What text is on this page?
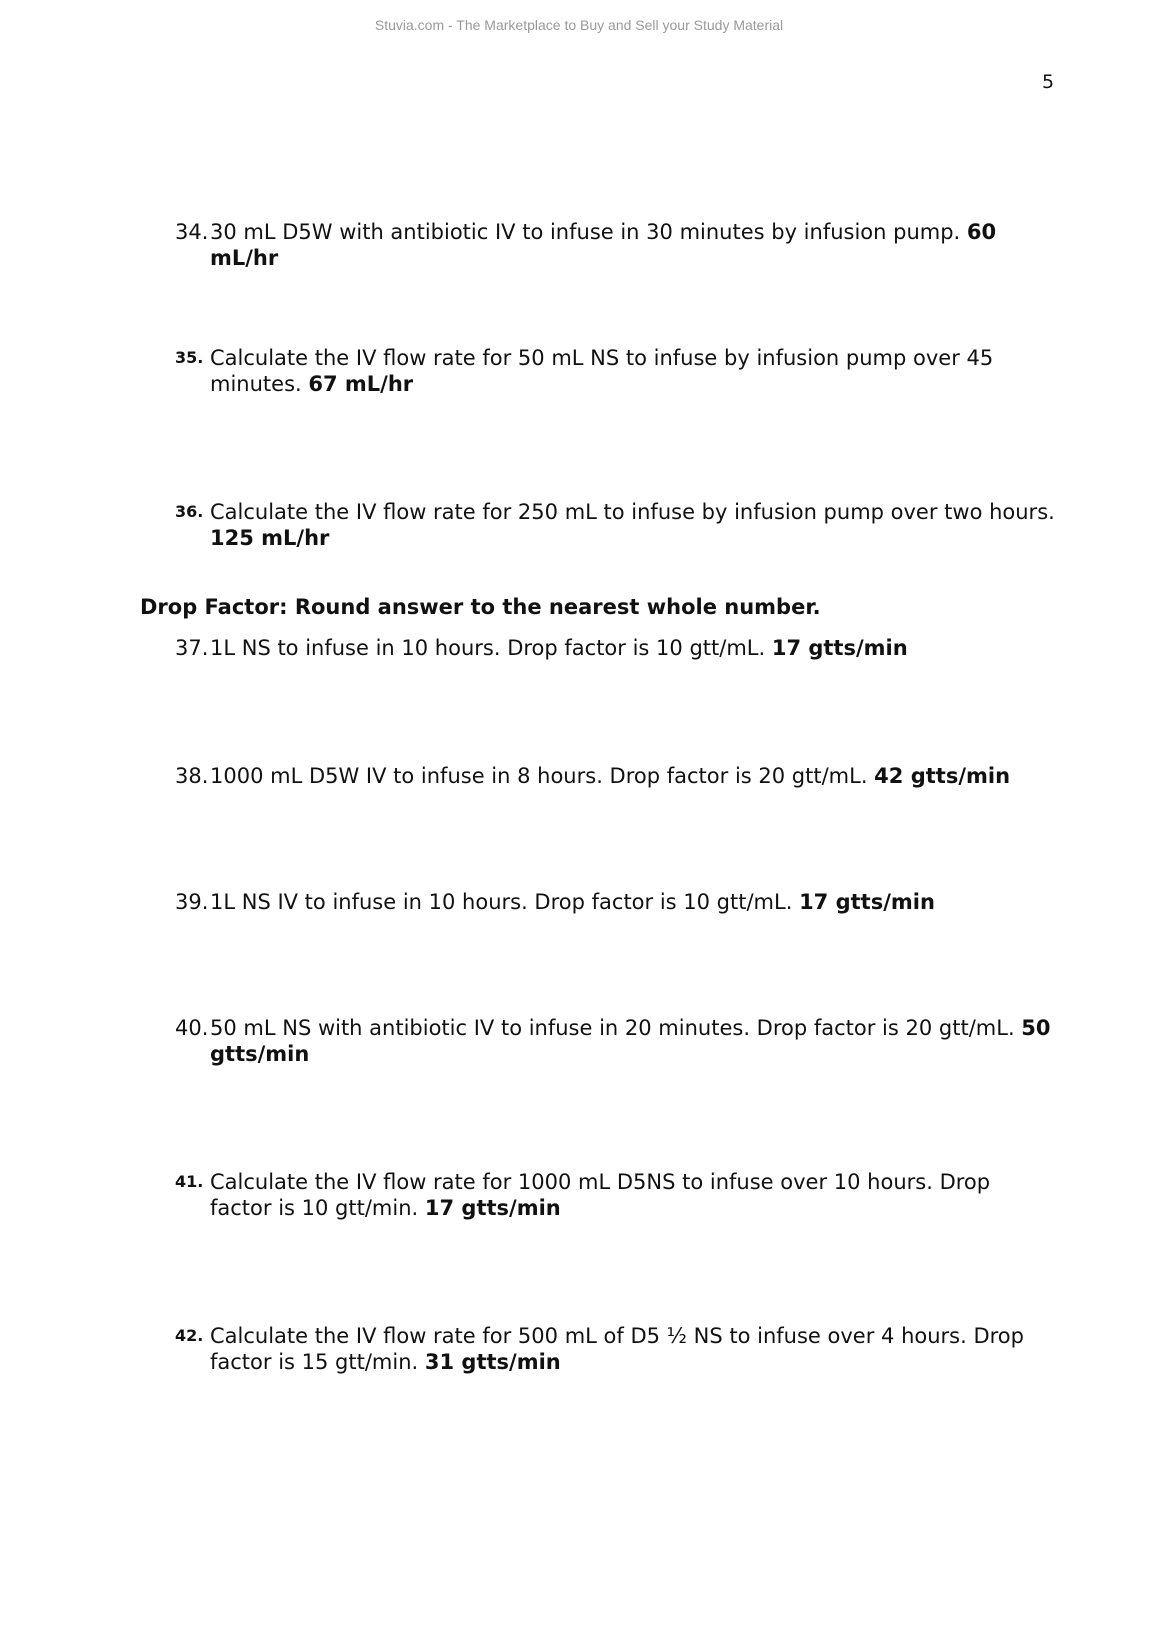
Stuvia.com - The Marketplace to Buy and Sell your Study Material
5
34. 30 mL D5W with antibiotic IV to infuse in 30 minutes by infusion pump. 60 mL/hr
35. Calculate the IV flow rate for 50 mL NS to infuse by infusion pump over 45 minutes. 67 mL/hr
36. Calculate the IV flow rate for 250 mL to infuse by infusion pump over two hours. 125 mL/hr
Drop Factor: Round answer to the nearest whole number.
37. 1L NS to infuse in 10 hours. Drop factor is 10 gtt/mL. 17 gtts/min
38. 1000 mL D5W IV to infuse in 8 hours. Drop factor is 20 gtt/mL. 42 gtts/min
39. 1L NS IV to infuse in 10 hours. Drop factor is 10 gtt/mL. 17 gtts/min
40. 50 mL NS with antibiotic IV to infuse in 20 minutes. Drop factor is 20 gtt/mL. 50 gtts/min
41. Calculate the IV flow rate for 1000 mL D5NS to infuse over 10 hours. Drop factor is 10 gtt/min. 17 gtts/min
42. Calculate the IV flow rate for 500 mL of D5 ½ NS to infuse over 4 hours. Drop factor is 15 gtt/min. 31 gtts/min
